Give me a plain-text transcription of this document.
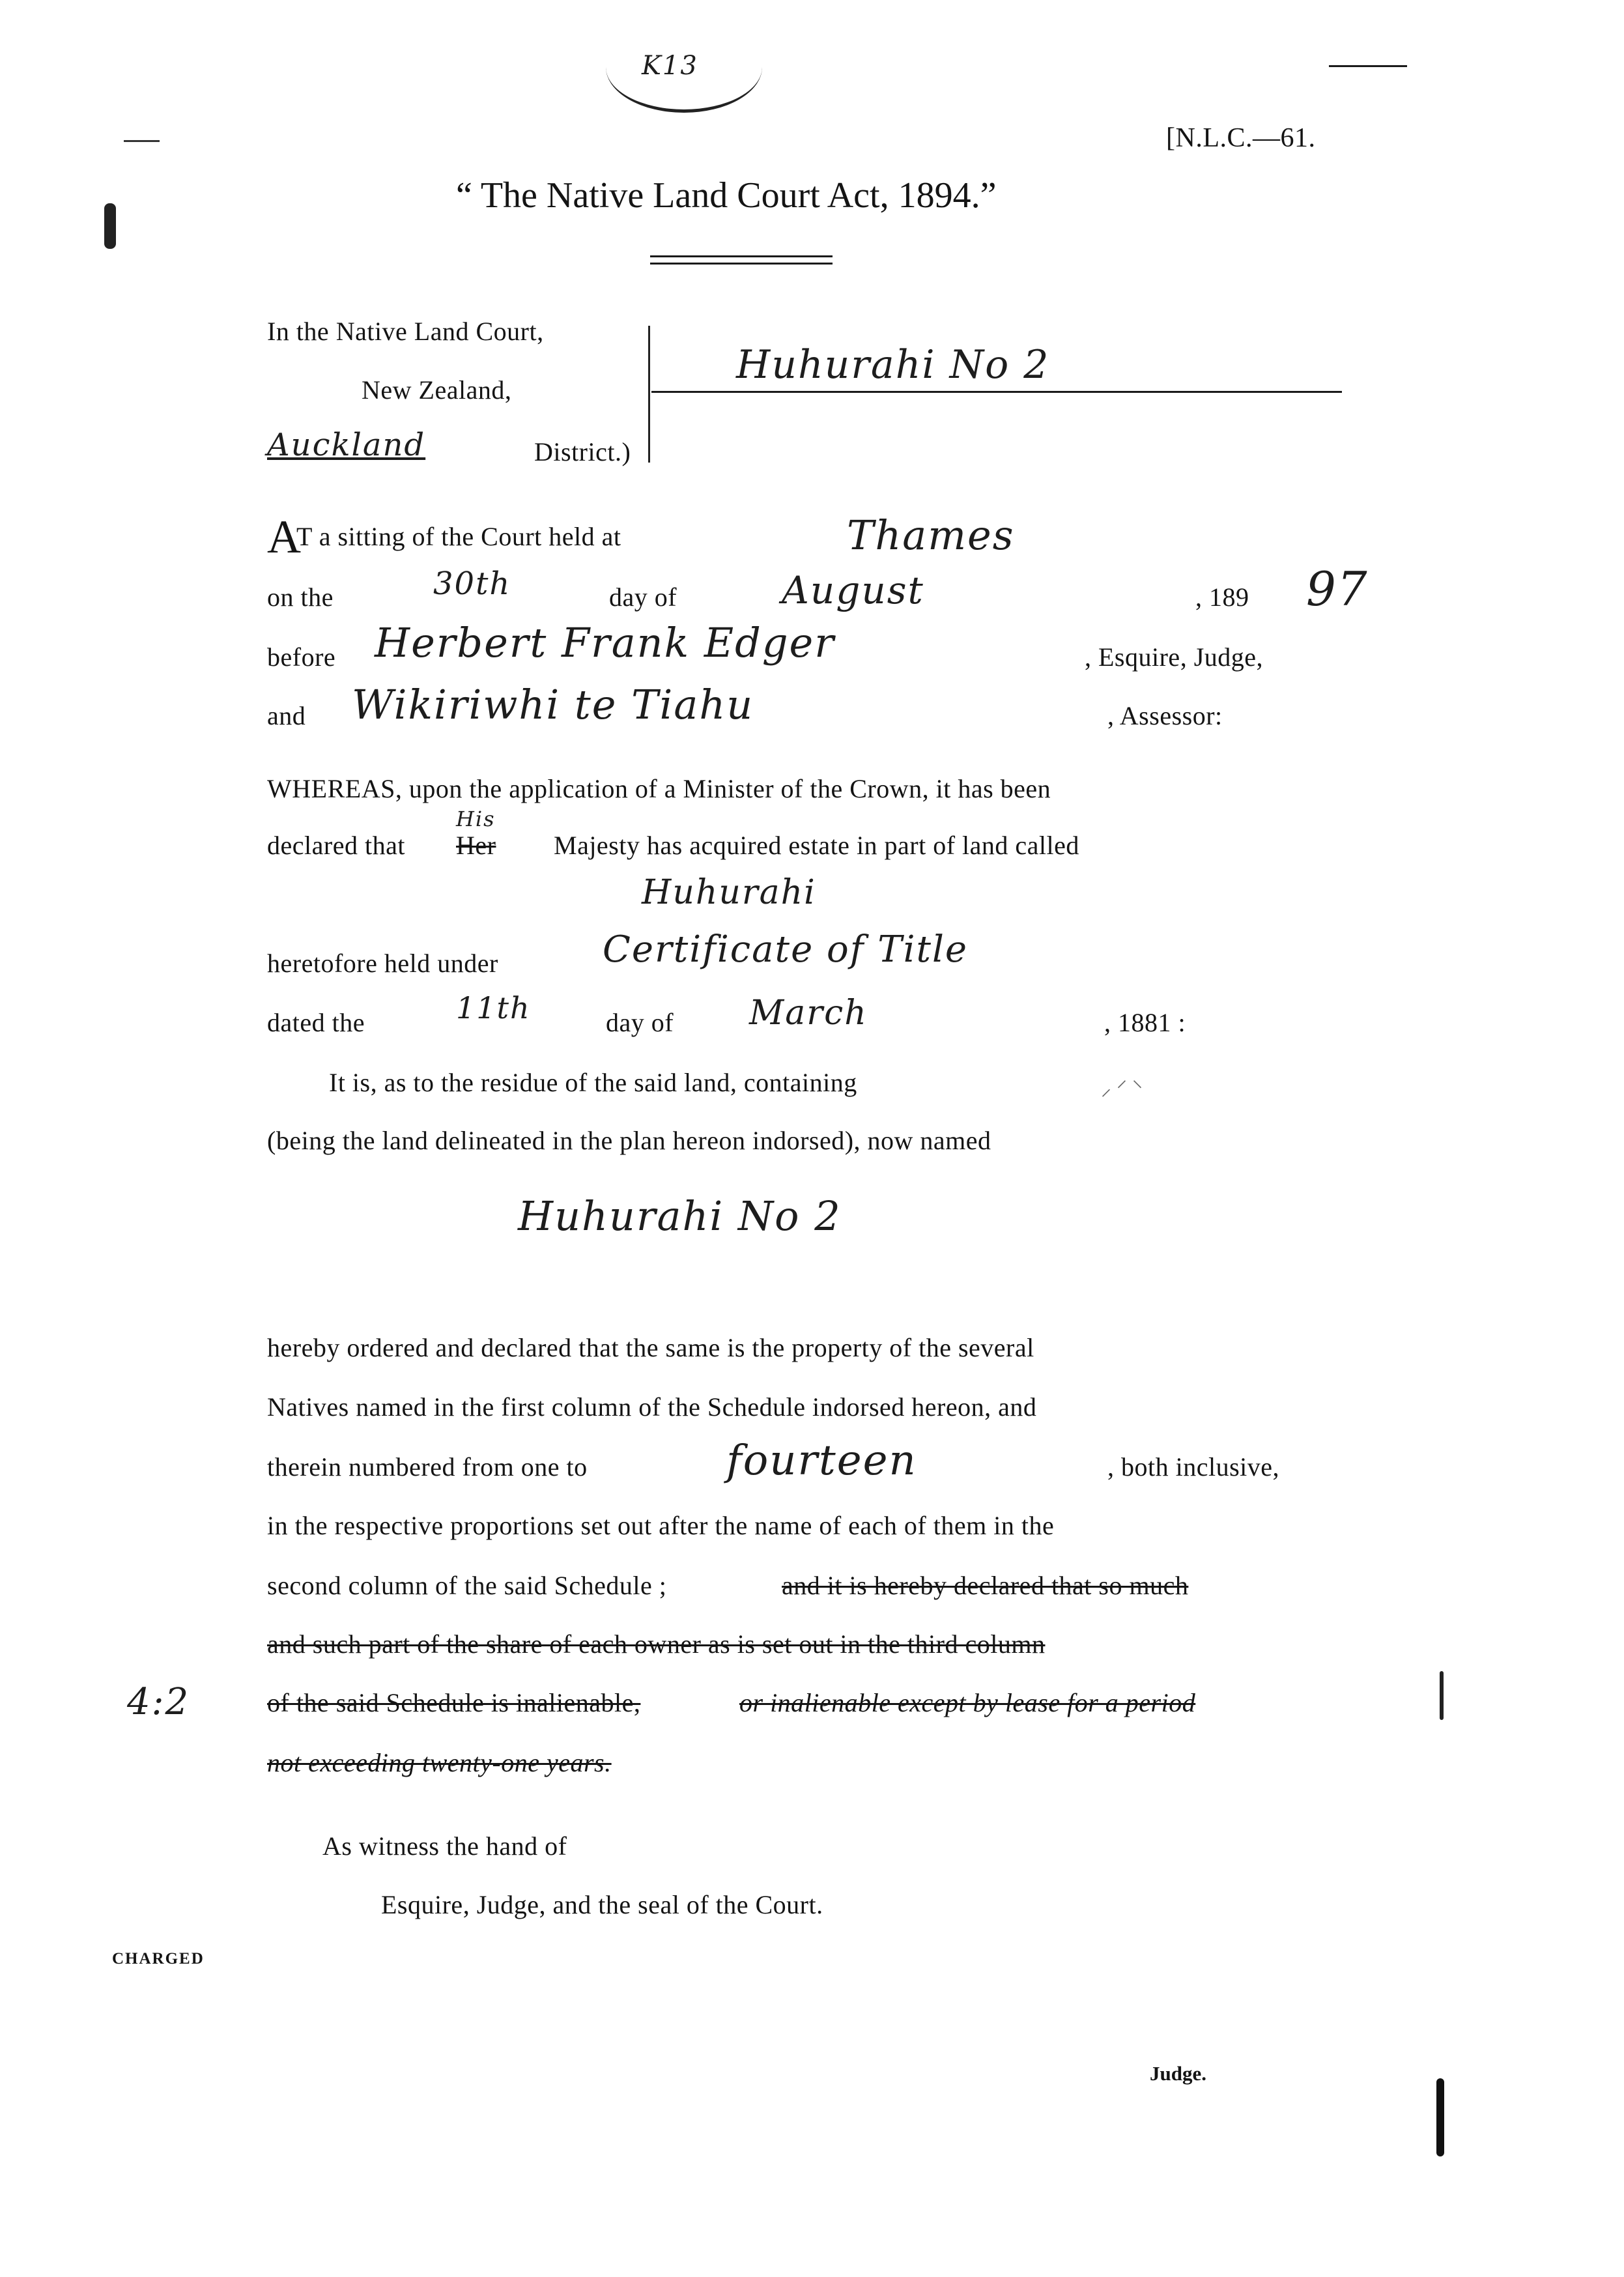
K13
[N.L.C.—61.
“ The Native Land Court Act, 1894.”
In the Native Land Court,
New Zealand,
Auckland	District.)
Huhurahi No 2
A
T a sitting of the Court held at	Thames
on the	30th	day of	August	, 189 97
before Herbert Frank Edger	, Esquire, Judge,
and Wikiriwhi te Tiahu	, Assessor:
WHEREAS, upon the application of a Minister of the Crown, it has been
His
declared that Her Majesty has acquired estate in part of land called
Huhurahi
heretofore held under	Certificate of Title
dated the	11th	day of March	, 1881 :
It is, as to the residue of the said land, containing	⸝ ⸍ ⸌
(being the land delineated in the plan hereon indorsed), now named
Huhurahi No 2
hereby ordered and declared that the same is the property of the several
Natives named in the first column of the Schedule indorsed hereon, and
therein numbered from one to	fourteen	, both inclusive,
in the respective proportions set out after the name of each of them in the
second column of the said Schedule ;	and it is hereby declared that so much
and such part of the share of each owner as is set out in the third column
of the said Schedule is inalienable,	or inalienable except by lease for a period
not exceeding twenty-one years.
4:2
As witness the hand of
Esquire, Judge, and the seal of the Court.
CHARGED
Judge.
